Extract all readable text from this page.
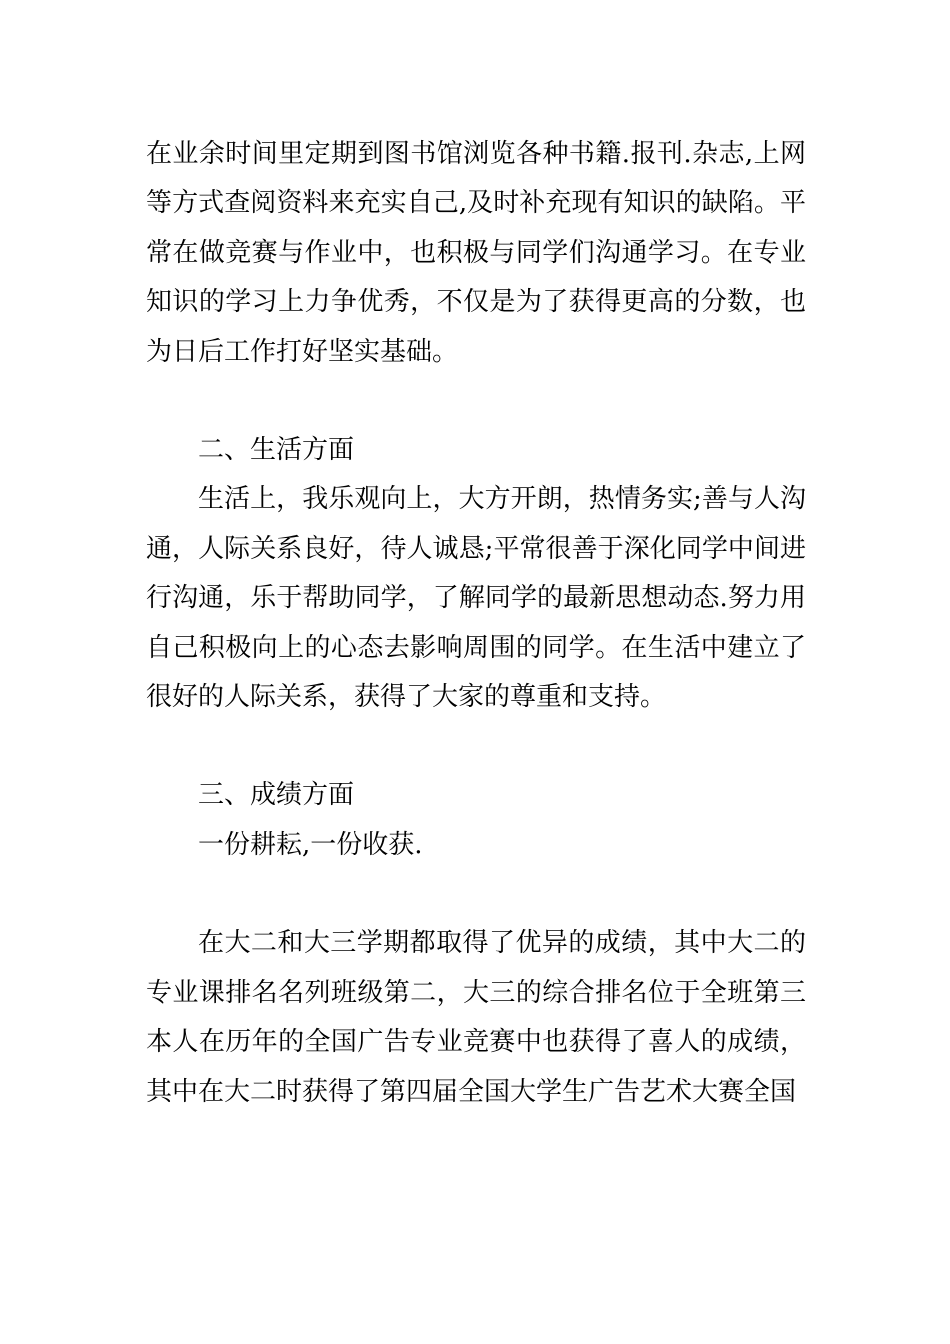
在业余时间里定期到图书馆浏览各种书籍.报刊.杂志,上网等方式查阅资料来充实自己,及时补充现有知识的缺陷。平常在做竞赛与作业中，也积极与同学们沟通学习。在专业知识的学习上力争优秀，不仅是为了获得更高的分数，也为日后工作打好坚实基础。

二、生活方面

生活上，我乐观向上，大方开朗，热情务实;善与人沟通，人际关系良好，待人诚恳;平常很善于深化同学中间进行沟通，乐于帮助同学，了解同学的最新思想动态.努力用自己积极向上的心态去影响周围的同学。在生活中建立了很好的人际关系，获得了大家的尊重和支持。

三、成绩方面

一份耕耘,一份收获.

在大二和大三学期都取得了优异的成绩，其中大二的专业课排名名列班级第二，大三的综合排名位于全班第三本人在历年的全国广告专业竞赛中也获得了喜人的成绩，其中在大二时获得了第四届全国大学生广告艺术大赛全国
